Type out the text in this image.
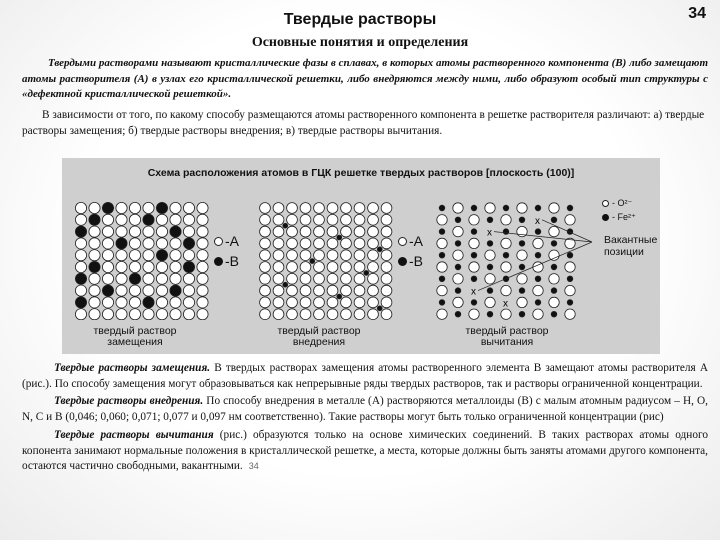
34
Твердые растворы
Основные понятия и определения

Твердыми растворами называют кристаллические фазы в сплавах, в которых атомы растворенного компонента (В) либо замещают атомы растворителя (А) в узлах его кристаллической решетки, либо внедряются между ними, либо образуют особый тип структуры с «дефектной кристаллической решеткой».

В зависимости от того, по какому способу размещаются атомы растворенного компонента в решетке растворителя различают: а) твердые растворы замещения; б) твердые растворы внедрения; в) твердые растворы вычитания.

Схема расположения атомов в ГЦК решетке твердых растворов [плоскость (100)]
-A
-B
твердый раствор замещения
-A
-B
твердый раствор внедрения
x
x
x
x
- O²⁻
- Fe²⁺
Вакантные позиции
твердый раствор вычитания

Твердые растворы замещения. В твердых растворах замещения атомы растворенного элемента В замещают атомы растворителя А (рис.). По способу замещения могут образовываться как непрерывные ряды твердых растворов, так и растворы ограниченной концентрации.

Твердые растворы внедрения. По способу внедрения в металле (А) растворяются металлоиды (В) с малым атомным радиусом – H, O, N, C и B (0,046; 0,060; 0,071; 0,077 и 0,097 нм соответственно). Такие растворы могут быть только ограниченной концентрации (рис)

Твердые растворы вычитания (рис.) образуются только на основе химических соединений. В таких растворах атомы одного копонента занимают нормальные положения в кристаллической решетке, а места, которые должны быть заняты атомами другого компонента, остаются частично свободными, вакантными. 34
